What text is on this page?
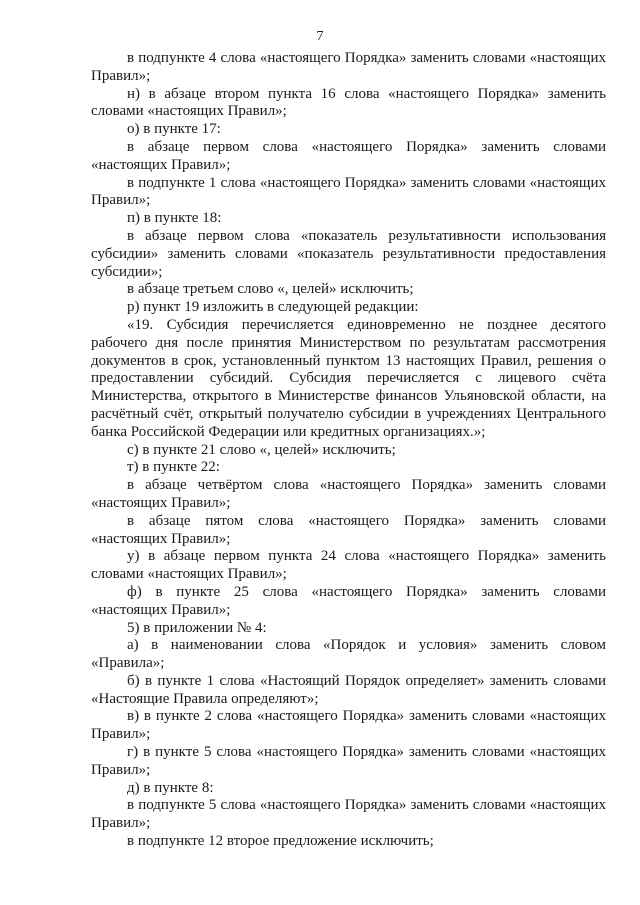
7

в подпункте 4 слова «настоящего Порядка» заменить словами «настоящих Правил»;

н) в абзаце втором пункта 16 слова «настоящего Порядка» заменить словами «настоящих Правил»;

о) в пункте 17:

в абзаце первом слова «настоящего Порядка» заменить словами «настоящих Правил»;

в подпункте 1 слова «настоящего Порядка» заменить словами «настоящих Правил»;

п) в пункте 18:

в абзаце первом слова «показатель результативности использования субсидии» заменить словами «показатель результативности предоставления субсидии»;

в абзаце третьем слово «, целей» исключить;

р) пункт 19 изложить в следующей редакции:

«19. Субсидия перечисляется единовременно не позднее десятого рабочего дня после принятия Министерством по результатам рассмотрения документов в срок, установленный пунктом 13 настоящих Правил, решения о предоставлении субсидий. Субсидия перечисляется с лицевого счёта Министерства, открытого в Министерстве финансов Ульяновской области, на расчётный счёт, открытый получателю субсидии в учреждениях Центрального банка Российской Федерации или кредитных организациях.»;

с) в пункте 21 слово «, целей» исключить;

т) в пункте 22:

в абзаце четвёртом слова «настоящего Порядка» заменить словами «настоящих Правил»;

в абзаце пятом слова «настоящего Порядка» заменить словами «настоящих Правил»;

у) в абзаце первом пункта 24 слова «настоящего Порядка» заменить словами «настоящих Правил»;

ф) в пункте 25 слова «настоящего Порядка» заменить словами «настоящих Правил»;

5) в приложении № 4:

а) в наименовании слова «Порядок и условия» заменить словом «Правила»;

б) в пункте 1 слова «Настоящий Порядок определяет» заменить словами «Настоящие Правила определяют»;

в) в пункте 2 слова «настоящего Порядка» заменить словами «настоящих Правил»;

г) в пункте 5 слова «настоящего Порядка» заменить словами «настоящих Правил»;

д) в пункте 8:

в подпункте 5 слова «настоящего Порядка» заменить словами «настоящих Правил»;

в подпункте 12 второе предложение исключить;
